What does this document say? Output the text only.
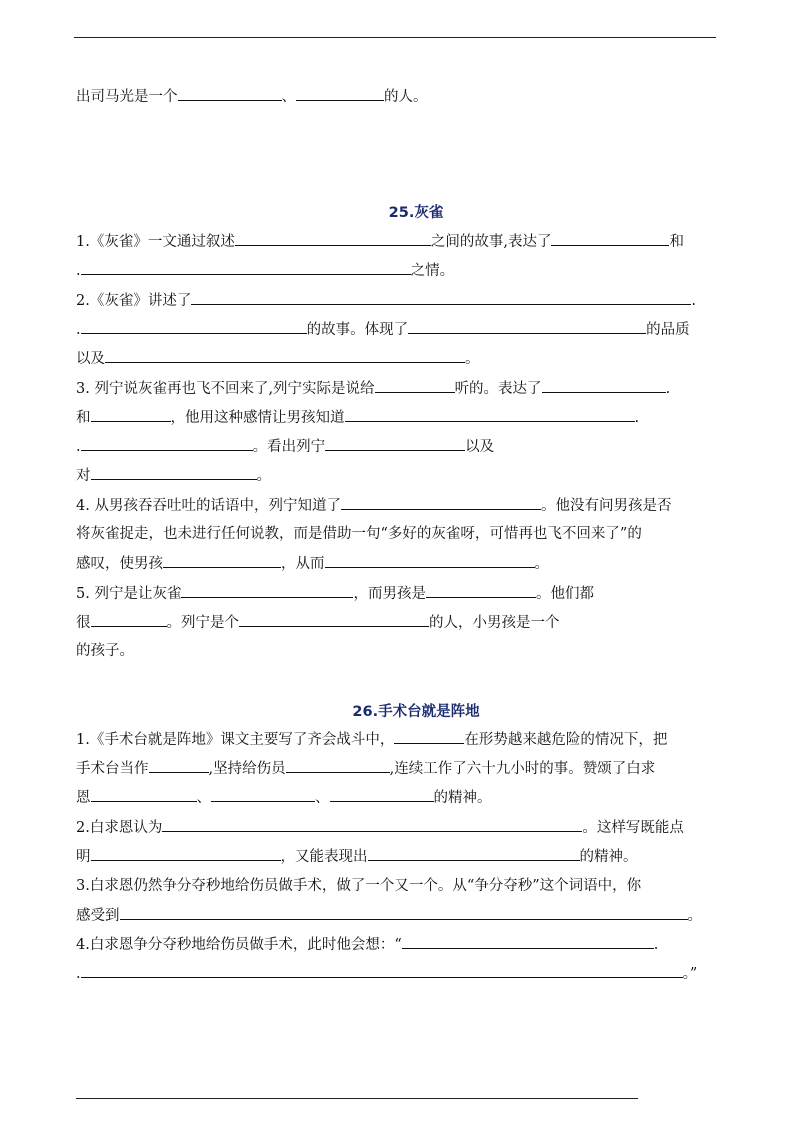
出司马光是一个	、	的人。
25.灰雀
1.《灰雀》一文通过叙述	之间的故事,表达了	和
.	之情。
2.《灰雀》讲述了	.
.	的故事。体现了	的品质
以及	。
3. 列宁说灰雀再也飞不回来了,列宁实际是说给	听的。表达了	.
和	，他用这种感情让男孩知道	.
.	。看出列宁	以及
对	。
4. 从男孩吞吞吐吐的话语中，列宁知道了	。他没有问男孩是否
将灰雀捉走，也未进行任何说教，而是借助一句“多好的灰雀呀，可惜再也飞不回来了”的
感叹，使男孩	，从而	。
5. 列宁是让灰雀	，而男孩是	。他们都
很	。列宁是个	的人，小男孩是一个
的孩子。
26.手术台就是阵地
1.《手术台就是阵地》课文主要写了齐会战斗中，	在形势越来越危险的情况下，把
手术台当作	,坚持给伤员	,连续工作了六十九小时的事。赞颂了白求
恩	、	、	的精神。
2.白求恩认为	。这样写既能点
明	，又能表现出	的精神。
3.白求恩仍然争分夺秒地给伤员做手术，做了一个又一个。从“争分夺秒”这个词语中，你
感受到	。
4.白求恩争分夺秒地给伤员做手术，此时他会想：“	.
.	。”
